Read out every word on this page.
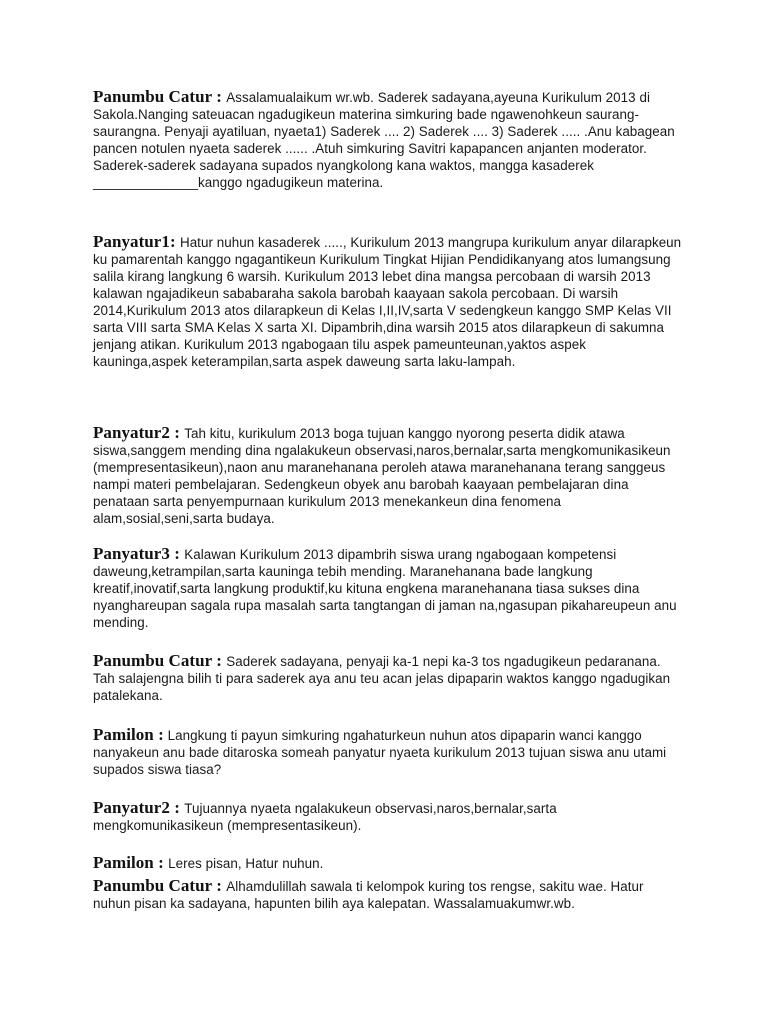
Panumbu Catur : Assalamualaikum wr.wb. Saderek sadayana,ayeuna Kurikulum 2013 di Sakola.Nanging sateuacan ngadugikeun materina simkuring bade ngawenohkeun saurang-saurangna. Penyaji ayatiluan, nyaeta1) Saderek .... 2) Saderek .... 3) Saderek ..... .Anu kabagean pancen notulen nyaeta saderek ...... .Atuh simkuring Savitri kapapancen anjanten moderator. Saderek-saderek sadayana supados nyangkolong kana waktos, mangga kasaderek ______________kanggo ngadugikeun materina.

Panyatur1: Hatur nuhun kasaderek ....., Kurikulum 2013 mangrupa kurikulum anyar dilarapkeun ku pamarentah kanggo ngagantikeun Kurikulum Tingkat Hijian Pendidikanyang atos lumangsung salila kirang langkung 6 warsih. Kurikulum 2013 lebet dina mangsa percobaan di warsih 2013 kalawan ngajadikeun sababaraha sakola barobah kaayaan sakola percobaan. Di warsih 2014,Kurikulum 2013 atos dilarapkeun di Kelas I,II,IV,sarta V sedengkeun kanggo SMP Kelas VII sarta VIII sarta SMA Kelas X sarta XI. Dipambrih,dina warsih 2015 atos dilarapkeun di sakumna jenjang atikan. Kurikulum 2013 ngabogaan tilu aspek pameunteunan,yaktos aspek kauninga,aspek keterampilan,sarta aspek daweung sarta laku-lampah.

Panyatur2 : Tah kitu, kurikulum 2013 boga tujuan kanggo nyorong peserta didik atawa siswa,sanggem mending dina ngalakukeun observasi,naros,bernalar,sarta mengkomunikasikeun (mempresentasikeun),naon anu maranehanana peroleh atawa maranehanana terang sanggeus nampi materi pembelajaran. Sedengkeun obyek anu barobah kaayaan pembelajaran dina penataan sarta penyempurnaan kurikulum 2013 menekankeun dina fenomena alam,sosial,seni,sarta budaya.

Panyatur3 : Kalawan Kurikulum 2013 dipambrih siswa urang ngabogaan kompetensi daweung,ketrampilan,sarta kauninga tebih mending. Maranehanana bade langkung kreatif,inovatif,sarta langkung produktif,ku kituna engkena maranehanana tiasa sukses dina nyanghareupan sagala rupa masalah sarta tangtangan di jaman na,ngasupan pikahareupeun anu mending.

Panumbu Catur : Saderek sadayana, penyaji ka-1 nepi ka-3 tos ngadugikeun pedaranana. Tah salajengna bilih ti para saderek aya anu teu acan jelas dipaparin waktos kanggo ngadugikan patalekana.

Pamilon : Langkung ti payun simkuring ngahaturkeun nuhun atos dipaparin wanci kanggo nanyakeun anu bade ditaroska someah panyatur nyaeta kurikulum 2013 tujuan siswa anu utami supados siswa tiasa?

Panyatur2 : Tujuannya nyaeta ngalakukeun observasi,naros,bernalar,sarta mengkomunikasikeun (mempresentasikeun).

Pamilon : Leres pisan, Hatur nuhun.

Panumbu Catur : Alhamdulillah sawala ti kelompok kuring tos rengse, sakitu wae. Hatur nuhun pisan ka sadayana, hapunten bilih aya kalepatan. Wassalamuakumwr.wb.
